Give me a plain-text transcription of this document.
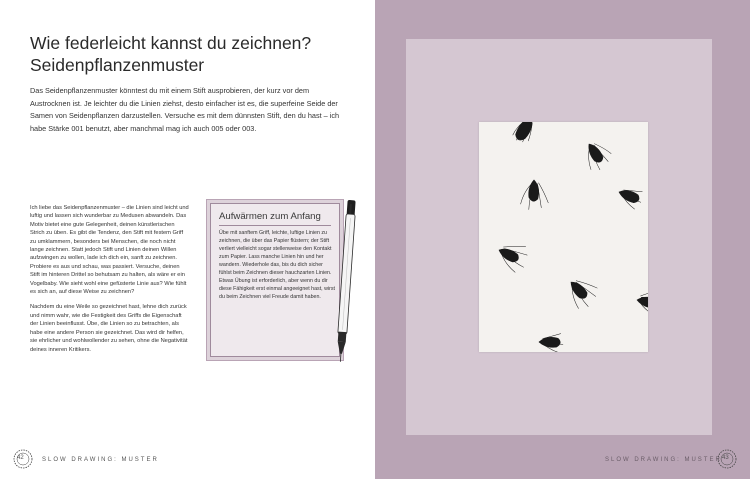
Wie federleicht kannst du zeichnen?
Seidenpflanzenmuster

Das Seidenpflanzenmuster könntest du mit einem Stift ausprobieren, der kurz vor dem Austrocknen ist. Je leichter du die Linien ziehst, desto einfacher ist es, die superfeine Seide der Samen von Seidenpflanzen darzustellen. Versuche es mit dem dünnsten Stift, den du hast – ich habe Stärke 001 benutzt, aber manchmal mag ich auch 005 oder 003.

Ich liebe das Seidenpflanzenmuster – die Linien sind leicht und luftig und lassen sich wunderbar zu Medusen abwandeln. Das Motiv bietet eine gute Gelegenheit, deinen künstlerischen Strich zu üben. Es gibt die Tendenz, den Stift mit festem Griff zu umklammern, besonders bei Menschen, die noch nicht lange zeichnen. Statt jedoch Stift und Linien deinen Willen aufzwingen zu wollen, lade ich dich ein, sanft zu zeichnen. Probiere es aus und schau, was passiert. Versuche, deinen Stift im hinteren Drittel so behutsam zu halten, als wäre er ein Vogelbaby. Wie sieht wohl eine gefüsterte Linie aus? Wie fühlt es sich an, auf diese Weise zu zeichnen?

Nachdem du eine Weile so gezeichnet hast, lehne dich zurück und nimm wahr, wie die Festigkeit des Griffs die Eigenschaft der Linien beeinflusst. Übe, die Linien so zu betrachten, als habe eine andere Person sie gezeichnet. Das wird dir helfen, sie ehrlicher und wohlwollender zu sehen, ohne die Negativität deines inneren Kritikers.

Aufwärmen zum Anfang

Übe mit sanftem Griff, leichte, luftige Linien zu zeichnen, die über das Papier flüstern; der Stift verliert vielleicht sogar stellenweise den Kontakt zum Papier. Lass manche Linien hin und her wandern. Wiederhole das, bis du dich sicher fühlst beim Zeichnen dieser hauchzarten Linien. Etwas Übung ist erforderlich, aber wenn du dir diese Fähigkeit erst einmal angeeignet hast, wirst du beim Zeichnen viel Freude damit haben.

42	SLOW DRAWING: MUSTER	SLOW DRAWING: MUSTER 43
